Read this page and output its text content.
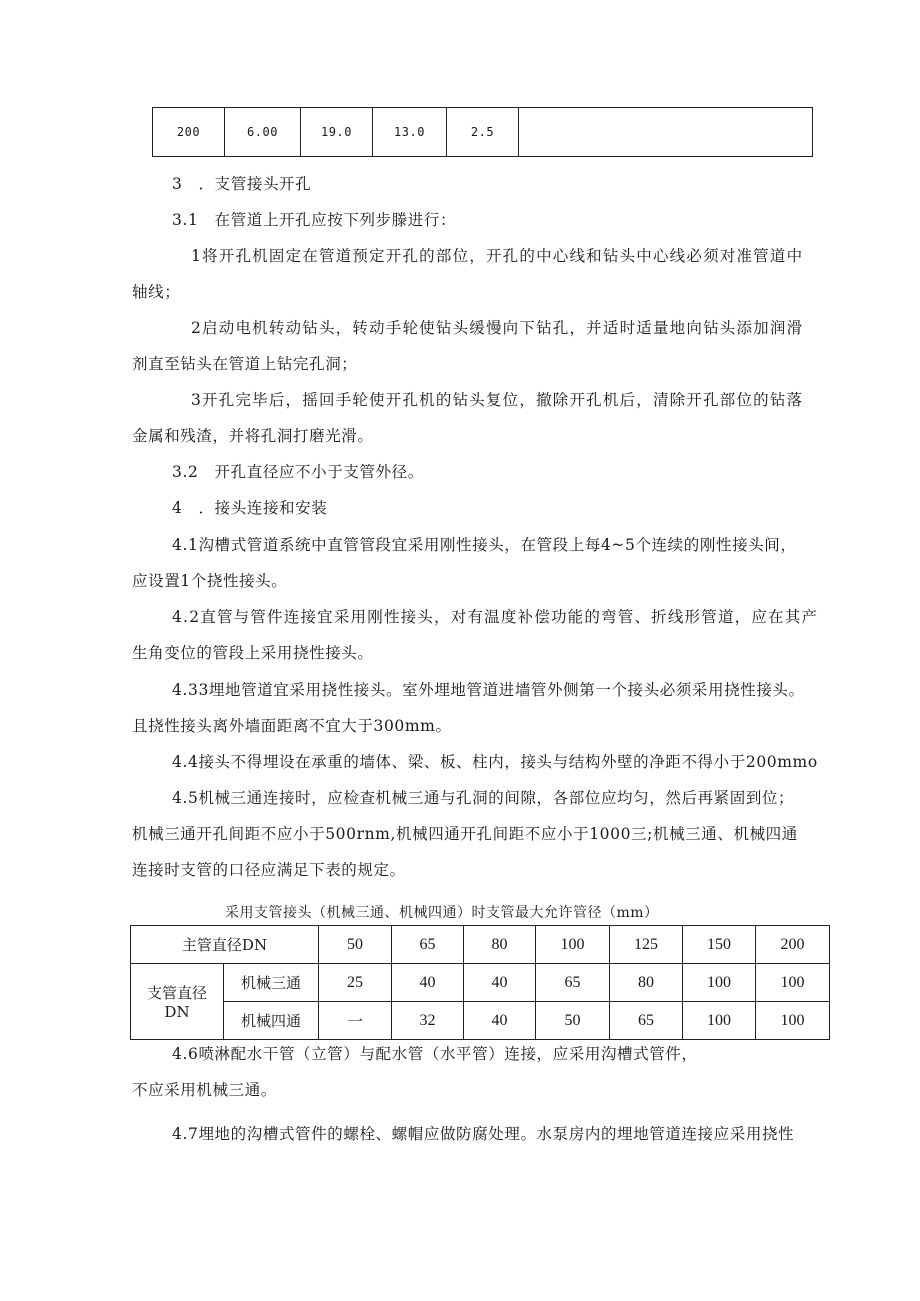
200	6.00	19.0	13.0	2.5	

3　．支管接头开孔

3.1　在管道上开孔应按下列步滕进行：

1将开孔机固定在管道预定开孔的部位，开孔的中心线和钻头中心线必须对准管道中

轴线；

2启动电机转动钻头，转动手轮使钻头缓慢向下钻孔，并适时适量地向钻头添加润滑

剂直至钻头在管道上钻完孔洞；

3开孔完毕后，摇回手轮使开孔机的钻头复位，撤除开孔机后，清除开孔部位的钻落

金属和残渣，并将孔洞打磨光滑。

3.2　开孔直径应不小于支管外径。

4　．接头连接和安装

4.1沟槽式管道系统中直管管段宜采用刚性接头，在管段上每4~5个连续的刚性接头间，

应设置1个挠性接头。

4.2直管与管件连接宜采用刚性接头，对有温度补偿功能的弯管、折线形管道，应在其产

生角变位的管段上采用挠性接头。

4.33埋地管道宜采用挠性接头。室外埋地管道进墙管外侧第一个接头必须采用挠性接头。

且挠性接头离外墙面距离不宜大于300mm。

4.4接头不得埋设在承重的墙体、梁、板、柱内，接头与结构外壁的净距不得小于200mmo

4.5机械三通连接时，应检查机械三通与孔洞的间隙，各部位应均匀，然后再紧固到位；

机械三通开孔间距不应小于500rnm,机械四通开孔间距不应小于1000三;机械三通、机械四通

连接时支管的口径应满足下表的规定。

采用支管接头（机械三通、机械四通）时支管最大允许管径（mm）
主管直径DN		50	65	80	100	125	150	200

支管直径
DN	机械三通	25	40	40	65	80	100	100
	机械四通	一	32	40	50	65	100	100

4.6喷淋配水干管（立管）与配水管（水平管）连接，应采用沟槽式管件，

不应采用机械三通。

4.7埋地的沟槽式管件的螺栓、螺帽应做防腐处理。水泵房内的埋地管道连接应采用挠性
